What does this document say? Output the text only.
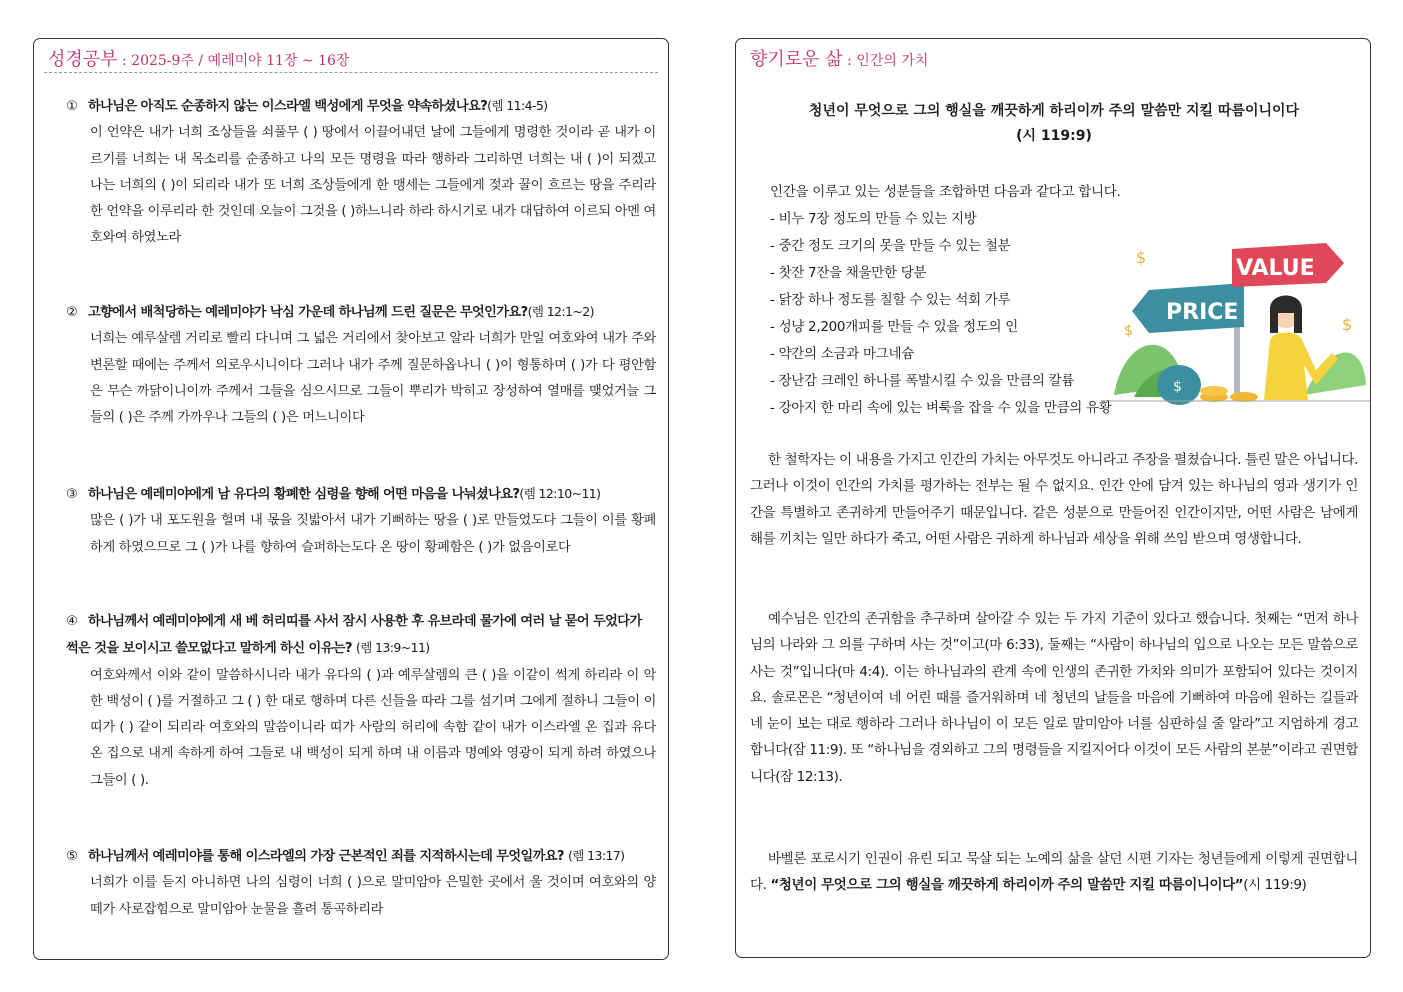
성경공부 : 2025-9주 / 예레미야 11장 ~ 16장
① 하나님은 아직도 순종하지 않는 이스라엘 백성에게 무엇을 약속하셨나요?(렘 11:4-5)
이 언약은 내가 너희 조상들을 쇠풀무 ( ) 땅에서 이끌어내던 날에 그들에게 명령한 것이라 곧 내가 이르기를 너희는 내 목소리를 순종하고 나의 모든 명령을 따라 행하라 그리하면 너희는 내 ( )이 되겠고 나는 너희의 ( )이 되리라 내가 또 너희 조상들에게 한 맹세는 그들에게 젖과 꿀이 흐르는 땅을 주리라 한 언약을 이루리라 한 것인데 오늘이 그것을 ( )하느니라 하라 하시기로 내가 대답하여 이르되 아멘 여호와여 하였노라
② 고향에서 배척당하는 예레미야가 낙심 가운데 하나님께 드린 질문은 무엇인가요?(렘 12:1~2)
너희는 예루살렘 거리로 빨리 다니며 그 넓은 거리에서 찾아보고 알라 너희가 만일 여호와여 내가 주와 변론할 때에는 주께서 의로우시니이다 그러나 내가 주께 질문하옵나니 ( )이 형통하며 ( )가 다 평안함은 무슨 까닭이니이까 주께서 그들을 심으시므로 그들이 뿌리가 박히고 장성하여 열매를 맺었거늘 그들의 ( )은 주께 가까우나 그들의 ( )은 머느니이다
③ 하나님은 예레미야에게 남 유다의 황폐한 심령을 향해 어떤 마음을 나눠셨나요?(렘 12:10~11)
많은 ( )가 내 포도원을 헐며 내 몫을 짓밟아서 내가 기뻐하는 땅을 ( )로 만들었도다 그들이 이를 황폐하게 하였으므로 그 ( )가 나를 향하여 슬퍼하는도다 온 땅이 황폐함은 ( )가 없음이로다
④ 하나님께서 예레미야에게 새 베 허리띠를 사서 잠시 사용한 후 유브라데 물가에 여러 날 묻어 두었다가 썩은 것을 보이시고 쓸모없다고 말하게 하신 이유는? (렘 13:9~11)
여호와께서 이와 같이 말씀하시니라 내가 유다의 ( )과 예루살렘의 큰 ( )을 이같이 썩게 하리라 이 악한 백성이 ( )를 거절하고 그 ( ) 한 대로 행하며 다른 신들을 따라 그를 섬기며 그에게 절하니 그들이 이 띠가 ( ) 같이 되리라 여호와의 말씀이니라 띠가 사람의 허리에 속함 같이 내가 이스라엘 온 집과 유다 온 집으로 내게 속하게 하여 그들로 내 백성이 되게 하며 내 이름과 명예와 영광이 되게 하려 하였으나 그들이 ( ).
⑤ 하나님께서 예레미야를 통해 이스라엘의 가장 근본적인 죄를 지적하시는데 무엇일까요? (렘 13:17)
너희가 이를 듣지 아니하면 나의 심령이 너희 ( )으로 말미암아 은밀한 곳에서 울 것이며 여호와의 양 떼가 사로잡힘으로 말미암아 눈물을 흘려 통곡하리라
향기로운 삶 : 인간의 가치
청년이 무엇으로 그의 행실을 깨끗하게 하리이까 주의 말씀만 지킬 따름이니이다
(시 119:9)
PRICE
VALUE
$
$
$
$
인간을 이루고 있는 성분들을 조합하면 다음과 같다고 합니다.
- 비누 7장 정도의 만들 수 있는 지방
- 중간 정도 크기의 못을 만들 수 있는 철분
- 찻잔 7잔을 채울만한 당분
- 닭장 하나 정도를 칠할 수 있는 석회 가루
- 성냥 2,200개피를 만들 수 있을 정도의 인
- 약간의 소금과 마그네슘
- 장난감 크레인 하나를 폭발시킬 수 있을 만큼의 칼륨
- 강아지 한 마리 속에 있는 벼룩을 잡을 수 있을 만큼의 유황
한 철학자는 이 내용을 가지고 인간의 가치는 아무것도 아니라고 주장을 펼쳤습니다. 틀린 말은 아닙니다. 그러나 이것이 인간의 가치를 평가하는 전부는 될 수 없지요. 인간 안에 담겨 있는 하나님의 영과 생기가 인간을 특별하고 존귀하게 만들어주기 때문입니다. 같은 성분으로 만들어진 인간이지만, 어떤 사람은 남에게 해를 끼치는 일만 하다가 죽고, 어떤 사람은 귀하게 하나님과 세상을 위해 쓰임 받으며 영생합니다.
예수님은 인간의 존귀함을 추구하며 살아갈 수 있는 두 가지 기준이 있다고 했습니다. 첫째는 “먼저 하나님의 나라와 그 의를 구하며 사는 것”이고(마 6:33), 둘째는 “사람이 하나님의 입으로 나오는 모든 말씀으로 사는 것”입니다(마 4:4). 이는 하나님과의 관계 속에 인생의 존귀한 가치와 의미가 포함되어 있다는 것이지요. 솔로몬은 “청년이여 네 어린 때를 즐거워하며 네 청년의 날들을 마음에 기뻐하여 마음에 원하는 길들과 네 눈이 보는 대로 행하라 그러나 하나님이 이 모든 일로 말미암아 너를 심판하실 줄 알라”고 지엄하게 경고합니다(잠 11:9). 또 “하나님을 경외하고 그의 명령들을 지킬지어다 이것이 모든 사람의 본분”이라고 권면합니다(잠 12:13).
바벨론 포로시기 인권이 유린 되고 묵살 되는 노예의 삶을 살던 시편 기자는 청년들에게 이렇게 권면합니다. “청년이 무엇으로 그의 행실을 깨끗하게 하리이까 주의 말씀만 지킬 따름이니이다”(시 119:9)
